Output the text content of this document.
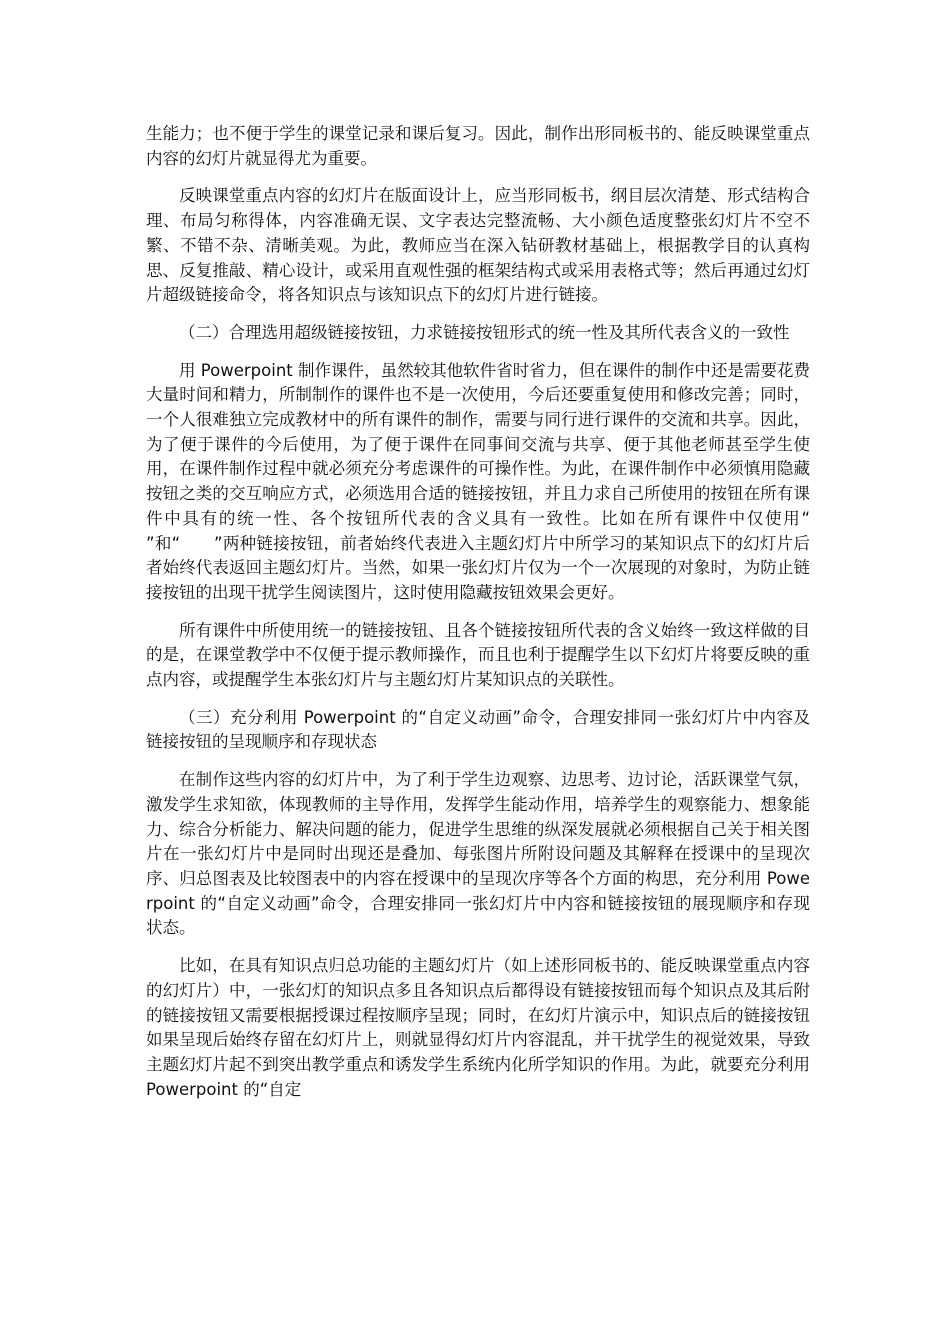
生能力；也不便于学生的课堂记录和课后复习。因此，制作出形同板书的、能反映课堂重点内容的幻灯片就显得尤为重要。

反映课堂重点内容的幻灯片在版面设计上，应当形同板书，纲目层次清楚、形式结构合理、布局匀称得体，内容准确无误、文字表达完整流畅、大小颜色适度整张幻灯片不空不繁、不错不杂、清晰美观。为此，教师应当在深入钻研教材基础上，根据教学目的认真构思、反复推敲、精心设计，或采用直观性强的框架结构式或采用表格式等；然后再通过幻灯片超级链接命令，将各知识点与该知识点下的幻灯片进行链接。

（二）合理选用超级链接按钮，力求链接按钮形式的统一性及其所代表含义的一致性

用 Powerpoint 制作课件，虽然较其他软件省时省力，但在课件的制作中还是需要花费大量时间和精力，所制制作的课件也不是一次使用，今后还要重复使用和修改完善；同时，一个人很难独立完成教材中的所有课件的制作，需要与同行进行课件的交流和共享。因此，为了便于课件的今后使用，为了便于课件在同事间交流与共享、便于其他老师甚至学生使用，在课件制作过程中就必须充分考虑课件的可操作性。为此，在课件制作中必须慎用隐藏按钮之类的交互响应方式，必须选用合适的链接按钮，并且力求自己所使用的按钮在所有课件中具有的统一性、各个按钮所代表的含义具有一致性。比如在所有课件中仅使用“　　”和“　　”两种链接按钮，前者始终代表进入主题幻灯片中所学习的某知识点下的幻灯片后者始终代表返回主题幻灯片。当然，如果一张幻灯片仅为一个一次展现的对象时，为防止链接按钮的出现干扰学生阅读图片，这时使用隐藏按钮效果会更好。

所有课件中所使用统一的链接按钮、且各个链接按钮所代表的含义始终一致这样做的目的是，在课堂教学中不仅便于提示教师操作，而且也利于提醒学生以下幻灯片将要反映的重点内容，或提醒学生本张幻灯片与主题幻灯片某知识点的关联性。

（三）充分利用 Powerpoint 的“自定义动画”命令，合理安排同一张幻灯片中内容及链接按钮的呈现顺序和存现状态

在制作这些内容的幻灯片中，为了利于学生边观察、边思考、边讨论，活跃课堂气氛，激发学生求知欲，体现教师的主导作用，发挥学生能动作用，培养学生的观察能力、想象能力、综合分析能力、解决问题的能力，促进学生思维的纵深发展就必须根据自己关于相关图片在一张幻灯片中是同时出现还是叠加、每张图片所附设问题及其解释在授课中的呈现次序、归总图表及比较图表中的内容在授课中的呈现次序等各个方面的构思，充分利用 Powerpoint 的“自定义动画”命令，合理安排同一张幻灯片中内容和链接按钮的展现顺序和存现状态。

比如，在具有知识点归总功能的主题幻灯片（如上述形同板书的、能反映课堂重点内容的幻灯片）中，一张幻灯的知识点多且各知识点后都得设有链接按钮而每个知识点及其后附的链接按钮又需要根据授课过程按顺序呈现；同时，在幻灯片演示中，知识点后的链接按钮如果呈现后始终存留在幻灯片上，则就显得幻灯片内容混乱，并干扰学生的视觉效果，导致主题幻灯片起不到突出教学重点和诱发学生系统内化所学知识的作用。为此，就要充分利用 Powerpoint 的“自定
